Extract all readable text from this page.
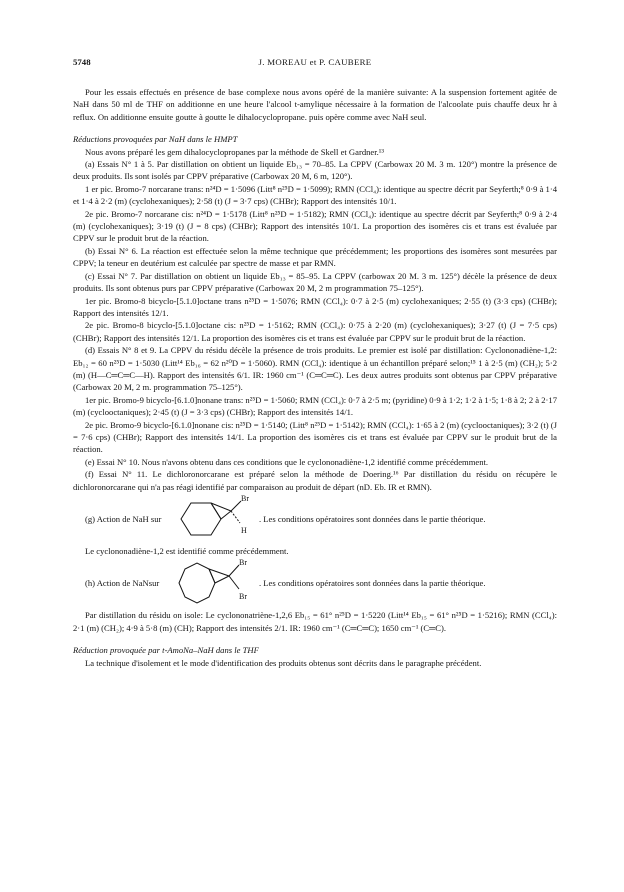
5748	J. MOREAU et P. CAUBERE

Pour les essais effectués en présence de base complexe nous avons opéré de la manière suivante: A la suspension fortement agitée de NaH dans 50 ml de THF on additionne en une heure l'alcool t-amylique nécessaire à la formation de l'alcoolate puis chauffe deux hr à reflux. On additionne ensuite goutte à goutte le dihalocyclopropane. puis opère comme avec NaH seul.

Réductions provoquées par NaH dans le HMPT

Nous avons préparé les gem dihalocyclopropanes par la méthode de Skell et Gardner.¹³

(a) Essais N° 1 à 5. Par distillation on obtient un liquide Eb₁₃ = 70–85. La CPPV (Carbowax 20 M. 3 m. 120°) montre la présence de deux produits. Ils sont isolés par CPPV préparative (Carbowax 20 M, 6 m, 120°).

1 er pic. Bromo-7 norcarane trans: n²⁴D = 1·5096 (Litt⁸ n²⁵D = 1·5099); RMN (CCl₄): identique au spectre décrit par Seyferth;⁸ 0·9 à 1·4 et 1·4 à 2·2 (m) (cyclohexaniques); 2·58 (t) (J = 3·7 cps) (CHBr); Rapport des intensités 10/1.

2e pic. Bromo-7 norcarane cis: n²⁴D = 1·5178 (Litt⁸ n²⁵D = 1·5182); RMN (CCl₄): identique au spectre décrit par Seyferth;⁸ 0·9 à 2·4 (m) (cyclohexaniques); 3·19 (t) (J = 8 cps) (CHBr); Rapport des intensités 10/1. La proportion des isomères cis et trans est évaluée par CPPV sur le produit brut de la réaction.

(b) Essai N° 6. La réaction est effectuée selon la même technique que précédemment; les proportions des isomères sont mesurées par CPPV; la teneur en deutérium est calculée par spectre de masse et par RMN.

(c) Essai N° 7. Par distillation on obtient un liquide Eb₁₃ = 85–95. La CPPV (carbowax 20 M. 3 m. 125°) décèle la présence de deux produits. Ils sont obtenus purs par CPPV préparative (Carbowax 20 M, 2 m programmation 75–125°).

1er pic. Bromo-8 bicyclo-[5.1.0]octane trans n²⁵D = 1·5076; RMN (CCl₄): 0·7 à 2·5 (m) cyclohexaniques; 2·55 (t) (3·3 cps) (CHBr); Rapport des intensités 12/1.

2e pic. Bromo-8 bicyclo-[5.1.0]octane cis: n²⁵D = 1·5162; RMN (CCl₄): 0·75 à 2·20 (m) (cyclohexaniques); 3·27 (t) (J = 7·5 cps) (CHBr); Rapport des intensités 12/1. La proportion des isomères cis et trans est évaluée par CPPV sur le produit brut de la réaction.

(d) Essais N° 8 et 9. La CPPV du résidu décèle la présence de trois produits. Le premier est isolé par distillation: Cyclononadiène-1,2: Eb₁₂ = 60 n²⁵D = 1·5030 (Litt¹⁴ Eb₁₆ = 62 n²⁰D = 1·5060). RMN (CCl₄): identique à un échantillon préparé selon;¹⁵ 1 à 2·5 (m) (CH₂); 5·2 (m) (H—C═C═C—H). Rapport des intensités 6/1. IR: 1960 cm⁻¹ (C═C═C). Les deux autres produits sont obtenus par CPPV préparative (Carbowax 20 M, 2 m. programmation 75–125°).

1er pic. Bromo-9 bicyclo-[6.1.0]nonane trans: n²⁵D = 1·5060; RMN (CCl₄): 0·7 à 2·5 m; (pyridine) 0·9 à 1·2; 1·2 à 1·5; 1·8 à 2; 2 à 2·17 (m) (cyclooctaniques); 2·45 (t) (J = 3·3 cps) (CHBr); Rapport des intensités 14/1.

2e pic. Bromo-9 bicyclo-[6.1.0]nonane cis: n²⁵D = 1·5140; (Litt⁸ n²⁵D = 1·5142); RMN (CCl₄): 1·65 à 2 (m) (cyclooctaniques); 3·2 (t) (J = 7·6 cps) (CHBr); Rapport des intensités 14/1. La proportion des isomères cis et trans est évaluée par CPPV sur le produit brut de la réaction.

(e) Essai N° 10. Nous n'avons obtenu dans ces conditions que le cyclononadiène-1,2 identifié comme précédemment.

(f) Essai N° 11. Le dichloronorcarane est préparé selon la méthode de Doering.¹⁶ Par distillation du résidu on récupère le dichloronorcarane qui n'a pas réagi identifié par comparaison au produit de départ (nD. Eb. IR et RMN).

(g) Action de NaH sur
Br
H
. Les conditions opératoires sont données dans le partie théorique.

Le cyclononadiène-1,2 est identifié comme précédemment.

(h) Action de NaNsur
Br
Br
. Les conditions opératoires sont données dans la partie théorique.

Par distillation du résidu on isole: Le cyclononatriène-1,2,6 Eb₁₅ = 61° n²⁵D = 1·5220 (Litt¹⁴ Eb₁₅ = 61° n²⁵D = 1·5216); RMN (CCl₄): 2·1 (m) (CH₂); 4·9 à 5·8 (m) (CH); Rapport des intensités 2/1. IR: 1960 cm⁻¹ (C═C═C); 1650 cm⁻¹ (C═C).

Réduction provoquée par t-AmoNa–NaH dans le THF

La technique d'isolement et le mode d'identification des produits obtenus sont décrits dans le paragraphe précédent.
